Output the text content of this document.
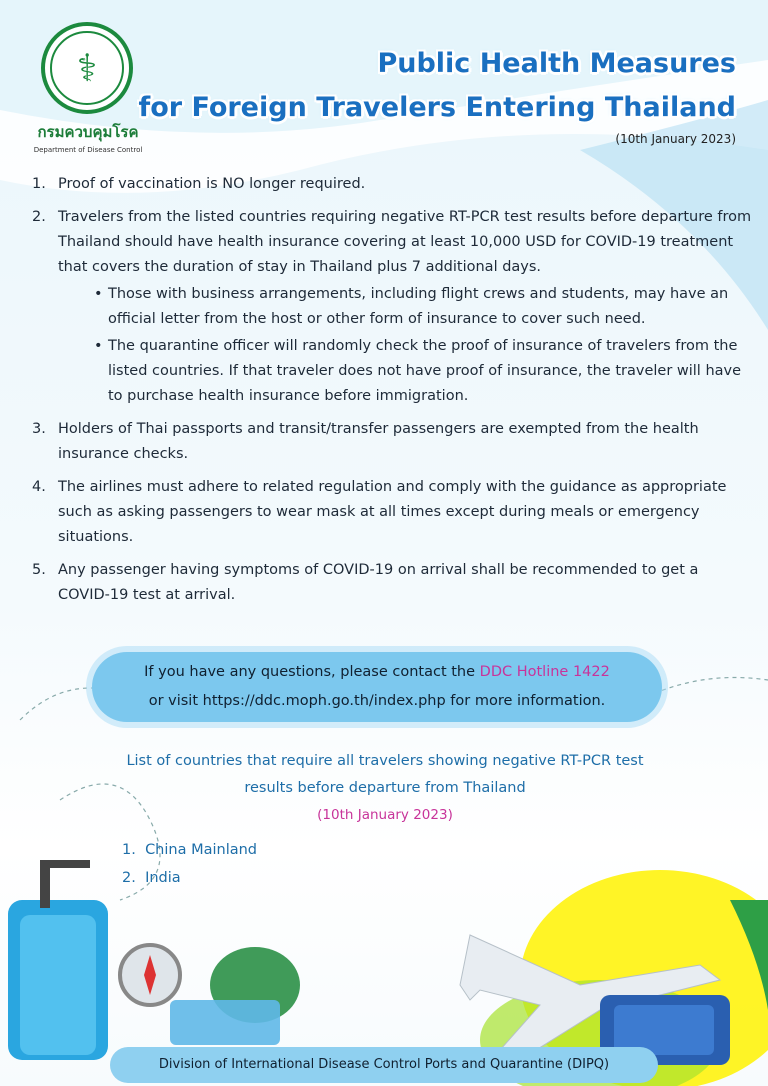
⚕
กรมควบคุมโรค
Department of Disease Control
Public Health Measures
for Foreign Travelers Entering Thailand
(10th January 2023)
1. Proof of vaccination is NO longer required.
2. Travelers from the listed countries requiring negative RT-PCR test results before departure from Thailand should have health insurance covering at least 10,000 USD for COVID-19 treatment that covers the duration of stay in Thailand plus 7 additional days.
• Those with business arrangements, including flight crews and students, may have an official letter from the host or other form of insurance to cover such need.
• The quarantine officer will randomly check the proof of insurance of travelers from the listed countries. If that traveler does not have proof of insurance, the traveler will have to purchase health insurance before immigration.
3. Holders of Thai passports and transit/transfer passengers are exempted from the health insurance checks.
4. The airlines must adhere to related regulation and comply with the guidance as appropriate such as asking passengers to wear mask at all times except during meals or emergency situations.
5. Any passenger having symptoms of COVID-19 on arrival shall be recommended to get a COVID-19 test at arrival.
If you have any questions, please contact the DDC Hotline 1422
or visit https://ddc.moph.go.th/index.php for more information.
List of countries that require all travelers showing negative RT-PCR test
results before departure from Thailand
(10th January 2023)
1. China Mainland
2. India
Division of International Disease Control Ports and Quarantine (DIPQ)
